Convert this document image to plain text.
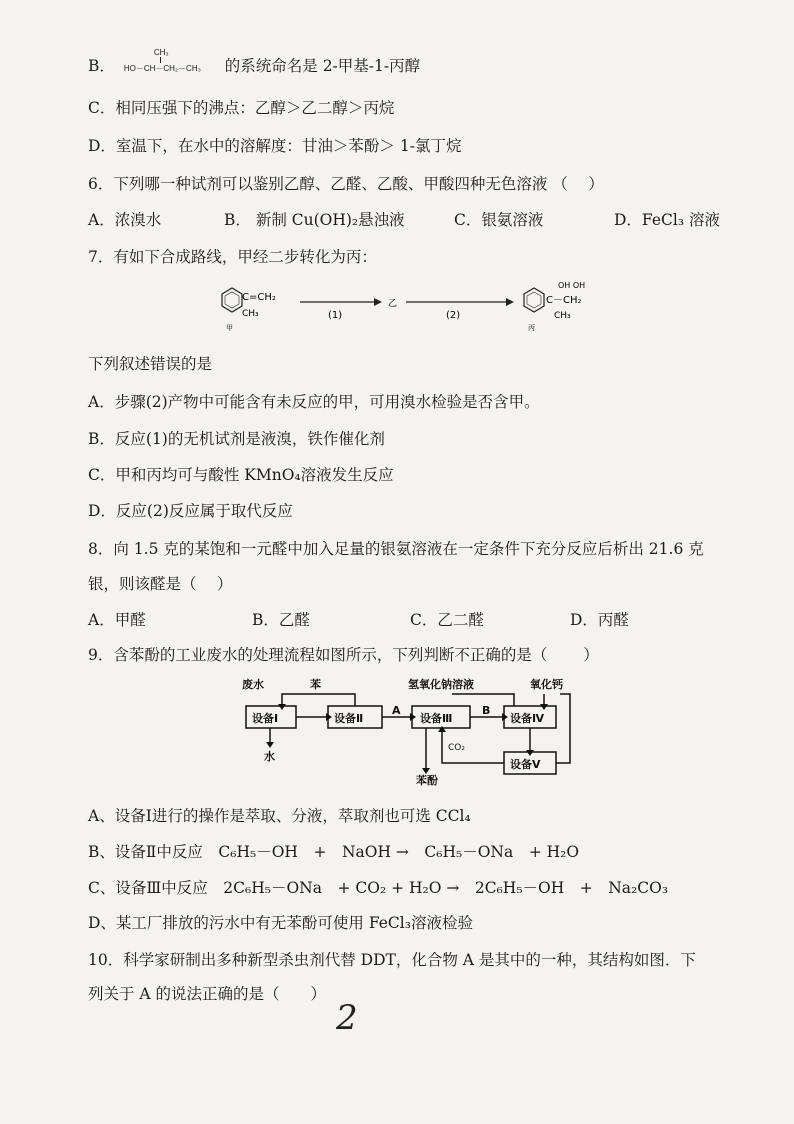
B．
CH₃
HO－CH－CH₂－CH₃ 的系统命名是 2-甲基-1-丙醇
C．相同压强下的沸点：乙醇＞乙二醇＞丙烷
D．室温下，在水中的溶解度：甘油＞苯酚＞ 1-氯丁烷
6．下列哪一种试剂可以鉴别乙醇、乙醛、乙酸、甲酸四种无色溶液 （　 ）
A．浓溴水	B． 新制 Cu(OH)₂悬浊液	C．银氨溶液	D．FeCl₃ 溶液
7．有如下合成路线，甲经二步转化为丙：
C=CH₂
CH₃
甲
(1)
乙
(2)
OH OH
C－CH₂
CH₃
丙
下列叙述错误的是
A．步骤(2)产物中可能含有未反应的甲，可用溴水检验是否含甲。
B．反应(1)的无机试剂是液溴，铁作催化剂
C．甲和丙均可与酸性 KMnO₄溶液发生反应
D．反应(2)反应属于取代反应
8．向 1.5 克的某饱和一元醛中加入足量的银氨溶液在一定条件下充分反应后析出 21.6 克
银，则该醛是（　 ）
A．甲醛	B．乙醛	C．乙二醛	D．丙醛
9．含苯酚的工业废水的处理流程如图所示，下列判断不正确的是（　　 ）
废水	苯	氢氧化钠溶液	氧化钙
设备Ⅰ	设备Ⅱ	设备Ⅲ	设备Ⅳ
设备Ⅴ
A	B
水
苯酚
CO₂
A、设备Ⅰ进行的操作是萃取、分液，萃取剂也可选 CCl₄
B、设备Ⅱ中反应　C₆H₅－OH　+　NaOH →　C₆H₅－ONa　+ H₂O
C、设备Ⅲ中反应　2C₆H₅－ONa　+ CO₂ + H₂O →　2C₆H₅－OH　+　Na₂CO₃
D、某工厂排放的污水中有无苯酚可使用 FeCl₃溶液检验
10．科学家研制出多种新型杀虫剂代替 DDT，化合物 A 是其中的一种，其结构如图．下
列关于 A 的说法正确的是（　　）
2
